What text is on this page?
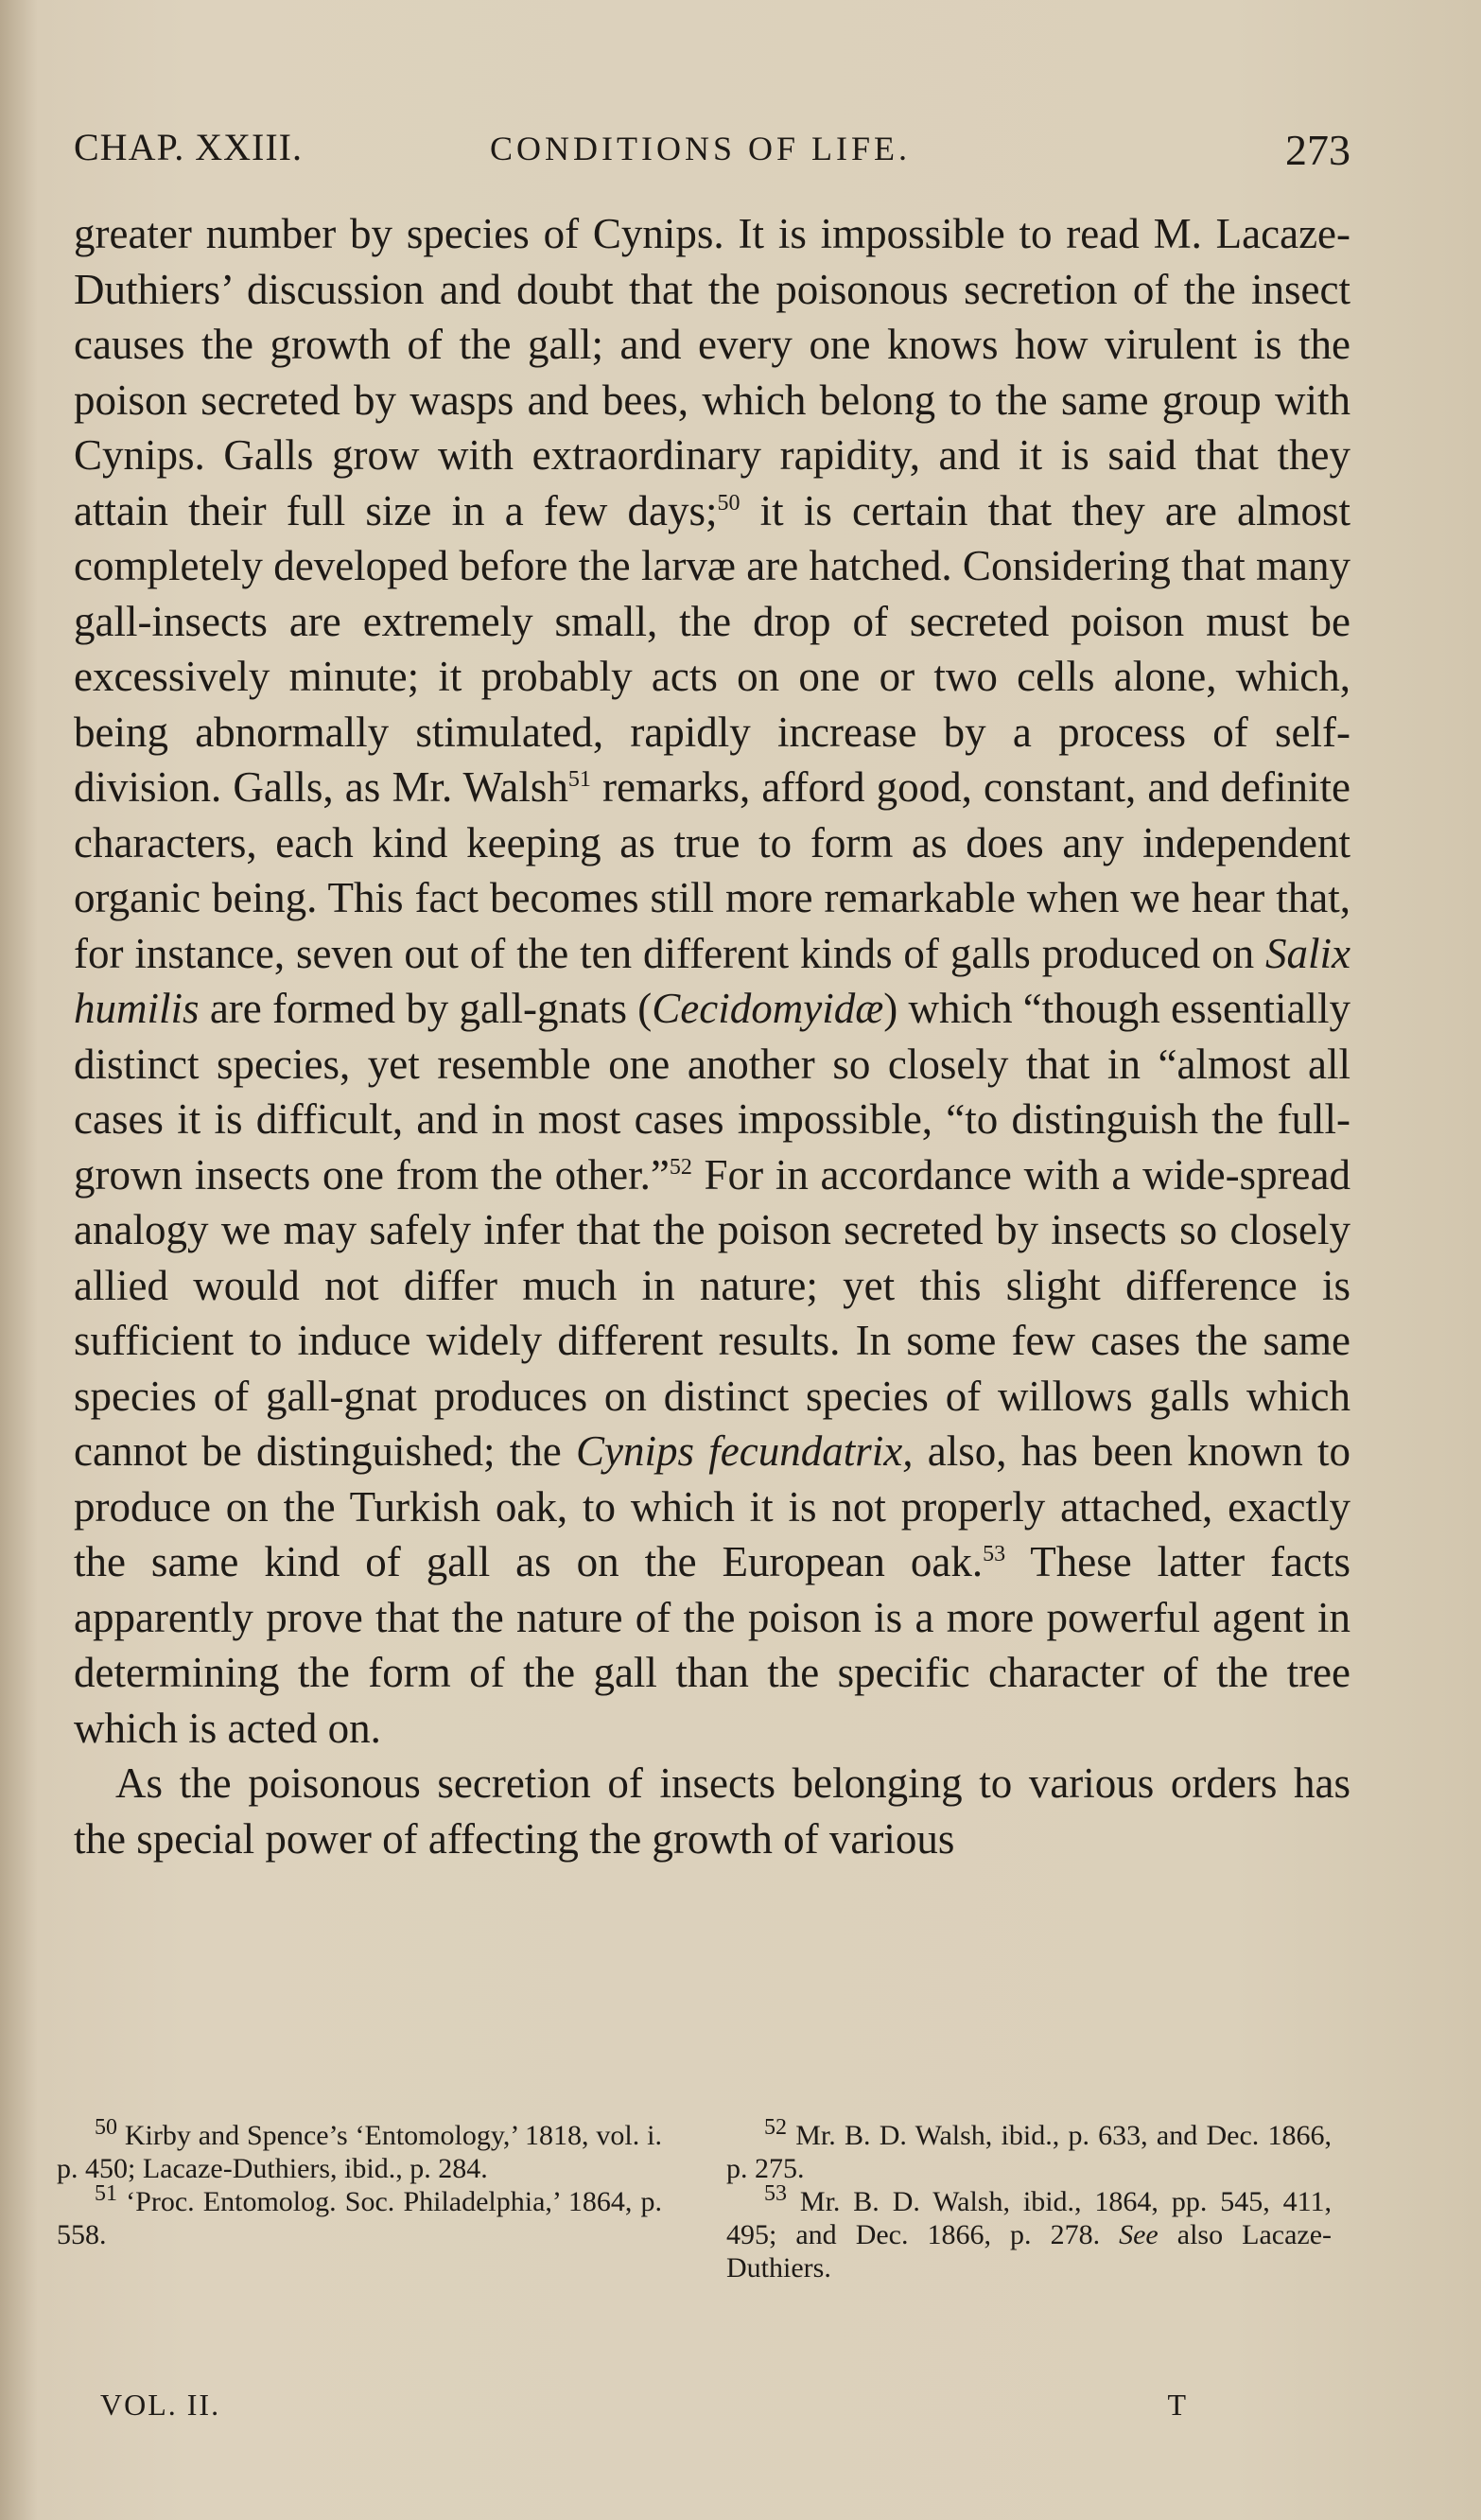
CHAP. XXIII.	CONDITIONS OF LIFE.	273

greater number by species of Cynips. It is impossible to read M. Lacaze-Duthiers’ discussion and doubt that the poisonous secretion of the insect causes the growth of the gall; and every one knows how virulent is the poison secreted by wasps and bees, which belong to the same group with Cynips. Galls grow with extraordinary rapidity, and it is said that they attain their full size in a few days;$^{50}$ it is certain that they are almost completely developed before the larvæ are hatched. Considering that many gall-insects are extremely small, the drop of secreted poison must be excessively minute; it probably acts on one or two cells alone, which, being abnormally stimulated, rapidly increase by a process of self-division. Galls, as Mr. Walsh$^{51}$ remarks, afford good, constant, and definite characters, each kind keeping as true to form as does any independent organic being. This fact becomes still more remarkable when we hear that, for instance, seven out of the ten different kinds of galls produced on Salix humilis are formed by gall-gnats (Cecidomyidæ) which “though essentially distinct species, yet resemble one another so closely that in “almost all cases it is difficult, and in most cases impossible, “to distinguish the full-grown insects one from the other.”$^{52}$ For in accordance with a wide-spread analogy we may safely infer that the poison secreted by insects so closely allied would not differ much in nature; yet this slight difference is sufficient to induce widely different results. In some few cases the same species of gall-gnat produces on distinct species of willows galls which cannot be distinguished; the Cynips fecundatrix, also, has been known to produce on the Turkish oak, to which it is not properly attached, exactly the same kind of gall as on the European oak.$^{53}$ These latter facts apparently prove that the nature of the poison is a more powerful agent in determining the form of the gall than the specific character of the tree which is acted on.

As the poisonous secretion of insects belonging to various orders has the special power of affecting the growth of various

$^{50}$ Kirby and Spence’s ‘Entomology,’ 1818, vol. i. p. 450; Lacaze-Duthiers, ibid., p. 284.

$^{51}$ ‘Proc. Entomolog. Soc. Philadelphia,’ 1864, p. 558.

$^{52}$ Mr. B. D. Walsh, ibid., p. 633, and Dec. 1866, p. 275.

$^{53}$ Mr. B. D. Walsh, ibid., 1864, pp. 545, 411, 495; and Dec. 1866, p. 278. See also Lacaze-Duthiers.

VOL. II.	T
